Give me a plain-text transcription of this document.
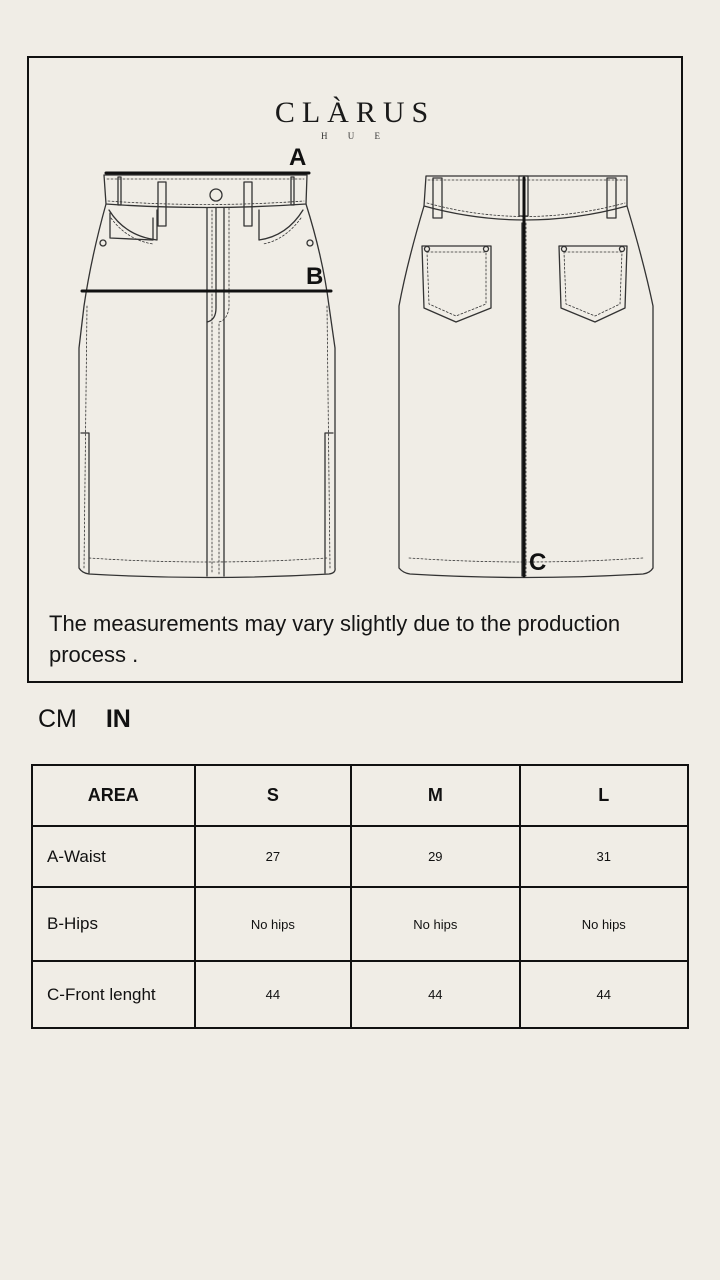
CLÀRUS
H U E
A
B
C
The measurements may vary slightly due to the production process .
CM IN
AREA	S	M	L
A-Waist	27	29	31
B-Hips	No hips	No hips	No hips
C-Front lenght	44	44	44
